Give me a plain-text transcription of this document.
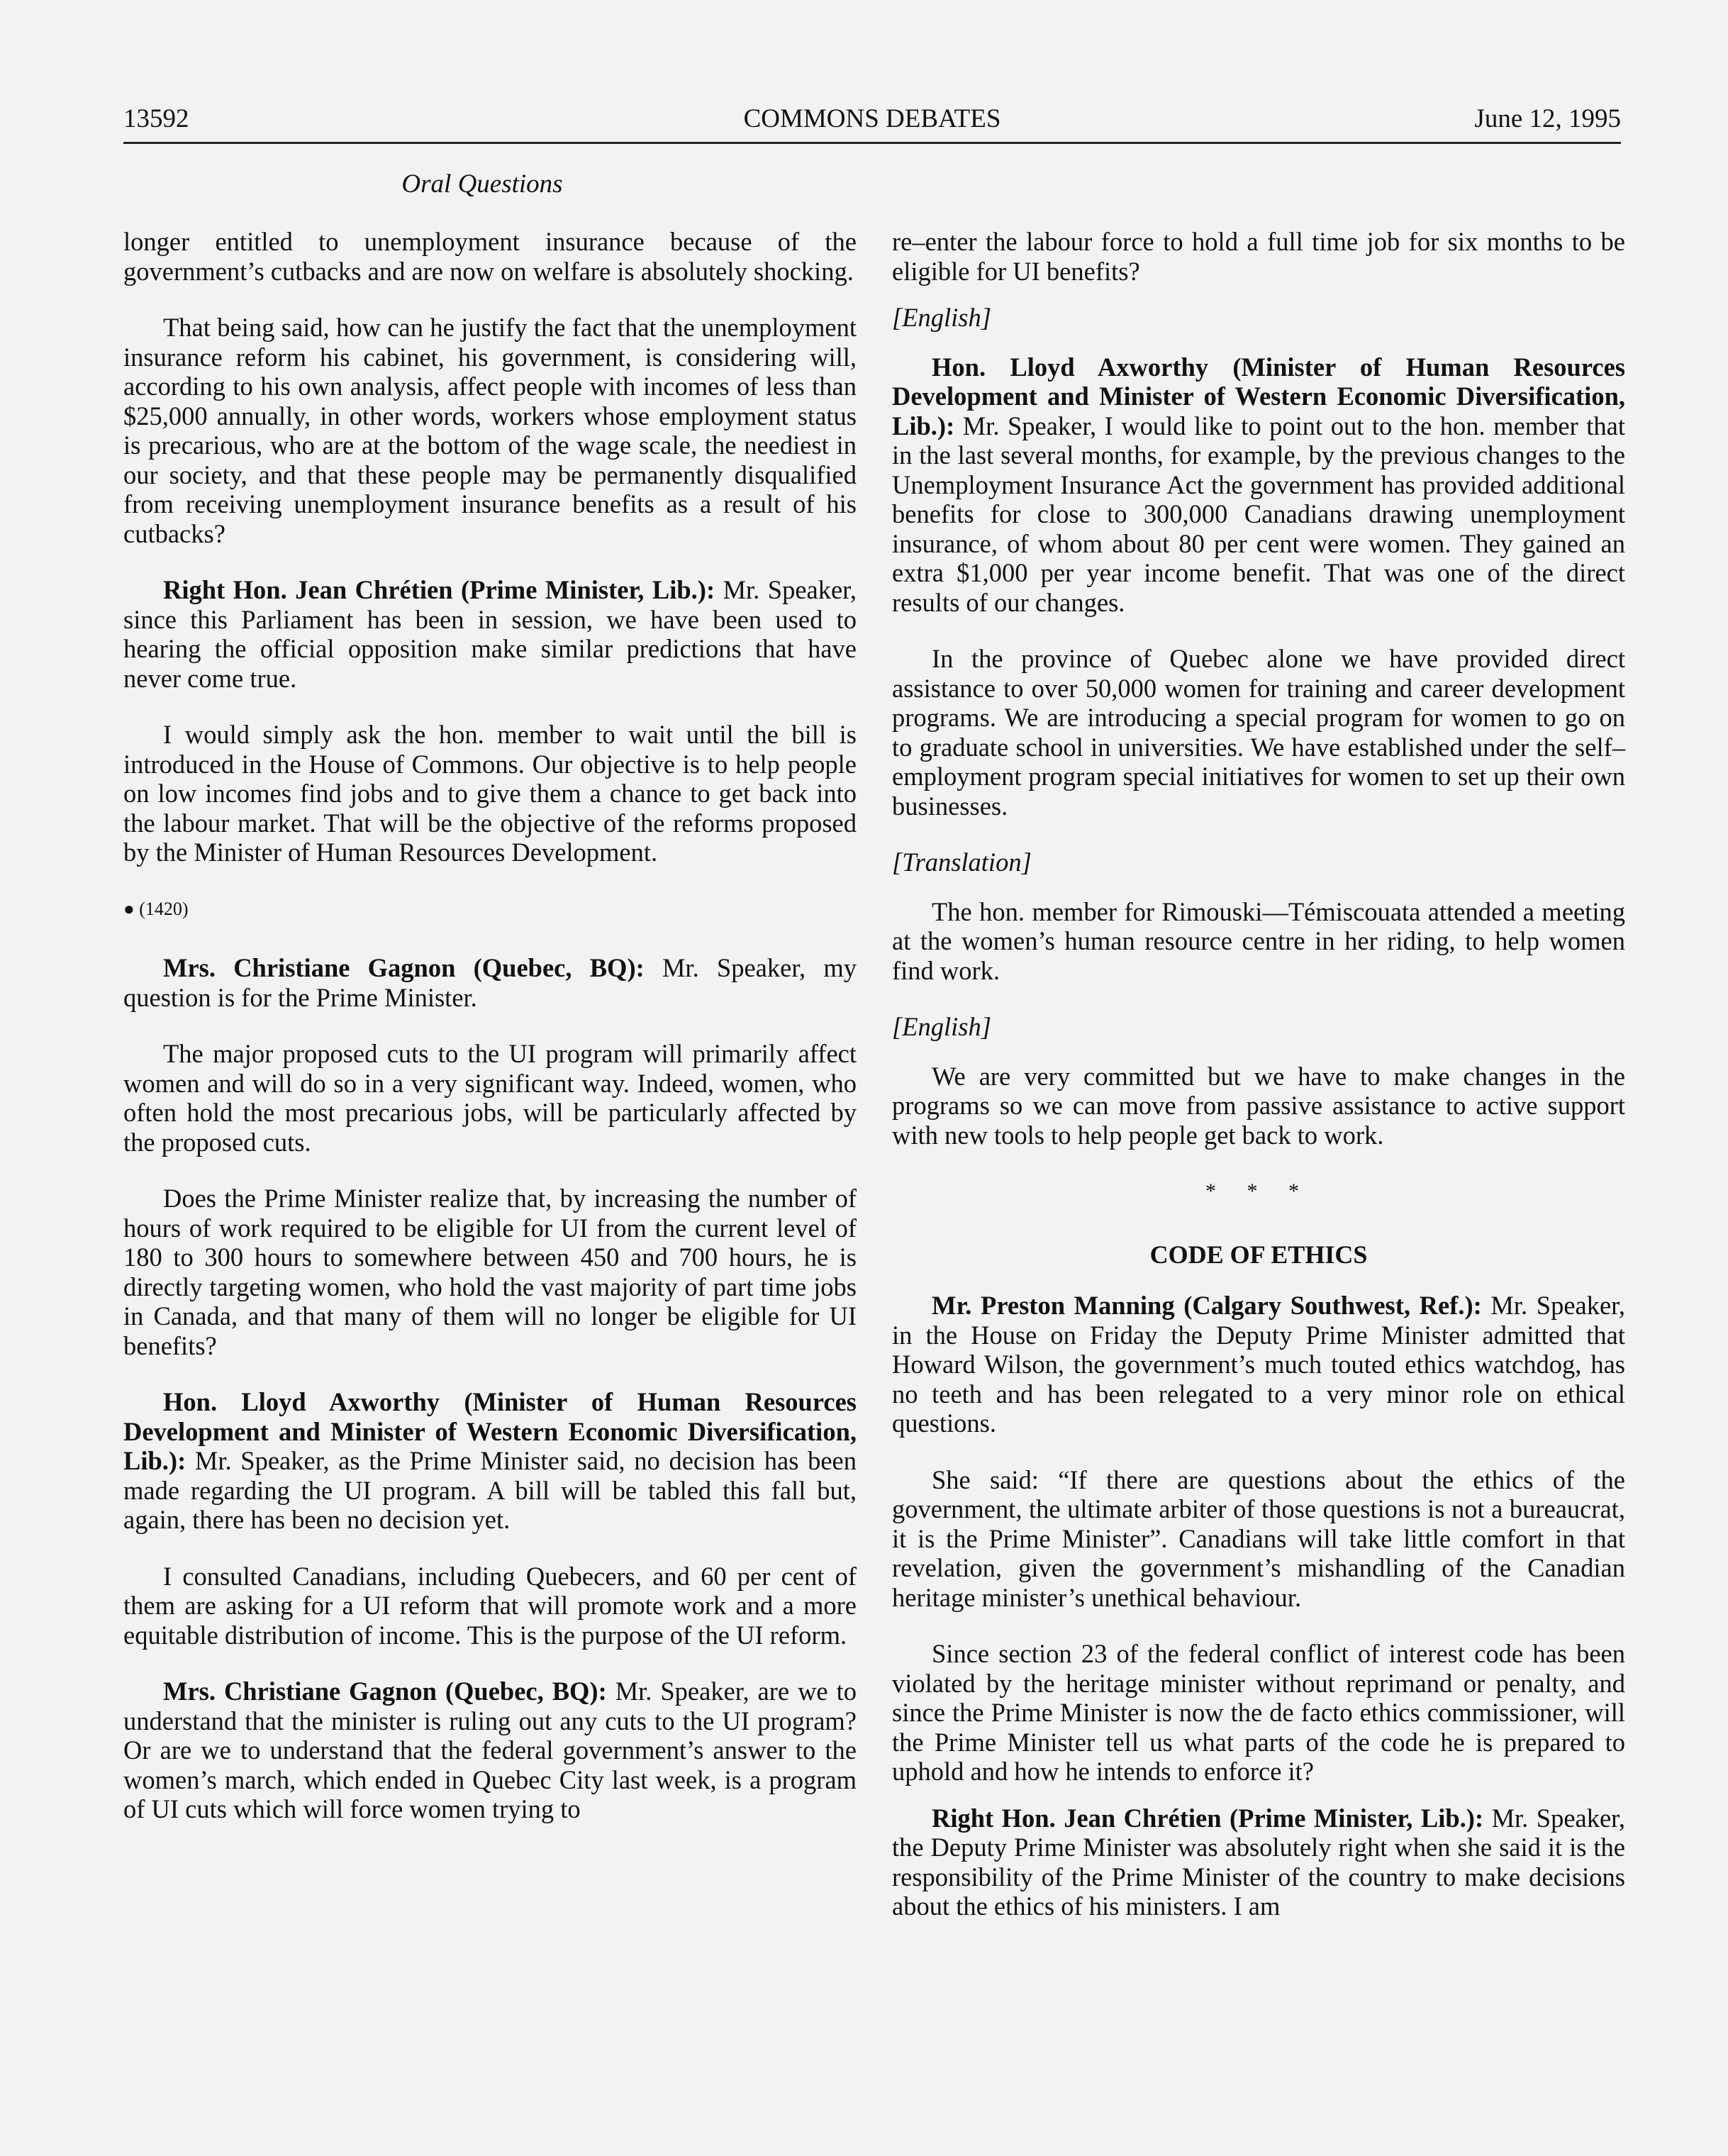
13592	COMMONS DEBATES	June 12, 1995
Oral Questions

longer entitled to unemployment insurance because of the government’s cutbacks and are now on welfare is absolutely shocking.

That being said, how can he justify the fact that the unemployment insurance reform his cabinet, his government, is considering will, according to his own analysis, affect people with incomes of less than $25,000 annually, in other words, workers whose employment status is precarious, who are at the bottom of the wage scale, the neediest in our society, and that these people may be permanently disqualified from receiving unemployment insurance benefits as a result of his cutbacks?

Right Hon. Jean Chrétien (Prime Minister, Lib.): Mr. Speaker, since this Parliament has been in session, we have been used to hearing the official opposition make similar predictions that have never come true.

I would simply ask the hon. member to wait until the bill is introduced in the House of Commons. Our objective is to help people on low incomes find jobs and to give them a chance to get back into the labour market. That will be the objective of the reforms proposed by the Minister of Human Resources Development.

● (1420)

Mrs. Christiane Gagnon (Quebec, BQ): Mr. Speaker, my question is for the Prime Minister.

The major proposed cuts to the UI program will primarily affect women and will do so in a very significant way. Indeed, women, who often hold the most precarious jobs, will be particularly affected by the proposed cuts.

Does the Prime Minister realize that, by increasing the number of hours of work required to be eligible for UI from the current level of 180 to 300 hours to somewhere between 450 and 700 hours, he is directly targeting women, who hold the vast majority of part time jobs in Canada, and that many of them will no longer be eligible for UI benefits?

Hon. Lloyd Axworthy (Minister of Human Resources Development and Minister of Western Economic Diversification, Lib.): Mr. Speaker, as the Prime Minister said, no decision has been made regarding the UI program. A bill will be tabled this fall but, again, there has been no decision yet.

I consulted Canadians, including Quebecers, and 60 per cent of them are asking for a UI reform that will promote work and a more equitable distribution of income. This is the purpose of the UI reform.

Mrs. Christiane Gagnon (Quebec, BQ): Mr. Speaker, are we to understand that the minister is ruling out any cuts to the UI program? Or are we to understand that the federal government’s answer to the women’s march, which ended in Quebec City last week, is a program of UI cuts which will force women trying to

re–enter the labour force to hold a full time job for six months to be eligible for UI benefits?

[English]

Hon. Lloyd Axworthy (Minister of Human Resources Development and Minister of Western Economic Diversification, Lib.): Mr. Speaker, I would like to point out to the hon. member that in the last several months, for example, by the previous changes to the Unemployment Insurance Act the government has provided additional benefits for close to 300,000 Canadians drawing unemployment insurance, of whom about 80 per cent were women. They gained an extra $1,000 per year income benefit. That was one of the direct results of our changes.

In the province of Quebec alone we have provided direct assistance to over 50,000 women for training and career development programs. We are introducing a special program for women to go on to graduate school in universities. We have established under the self–employment program special initiatives for women to set up their own businesses.

[Translation]

The hon. member for Rimouski—Témiscouata attended a meeting at the women’s human resource centre in her riding, to help women find work.

[English]

We are very committed but we have to make changes in the programs so we can move from passive assistance to active support with new tools to help people get back to work.

* * *

CODE OF ETHICS

Mr. Preston Manning (Calgary Southwest, Ref.): Mr. Speaker, in the House on Friday the Deputy Prime Minister admitted that Howard Wilson, the government’s much touted ethics watchdog, has no teeth and has been relegated to a very minor role on ethical questions.

She said: “If there are questions about the ethics of the government, the ultimate arbiter of those questions is not a bureaucrat, it is the Prime Minister”. Canadians will take little comfort in that revelation, given the government’s mishandling of the Canadian heritage minister’s unethical behaviour.

Since section 23 of the federal conflict of interest code has been violated by the heritage minister without reprimand or penalty, and since the Prime Minister is now the de facto ethics commissioner, will the Prime Minister tell us what parts of the code he is prepared to uphold and how he intends to enforce it?

Right Hon. Jean Chrétien (Prime Minister, Lib.): Mr. Speaker, the Deputy Prime Minister was absolutely right when she said it is the responsibility of the Prime Minister of the country to make decisions about the ethics of his ministers. I am
